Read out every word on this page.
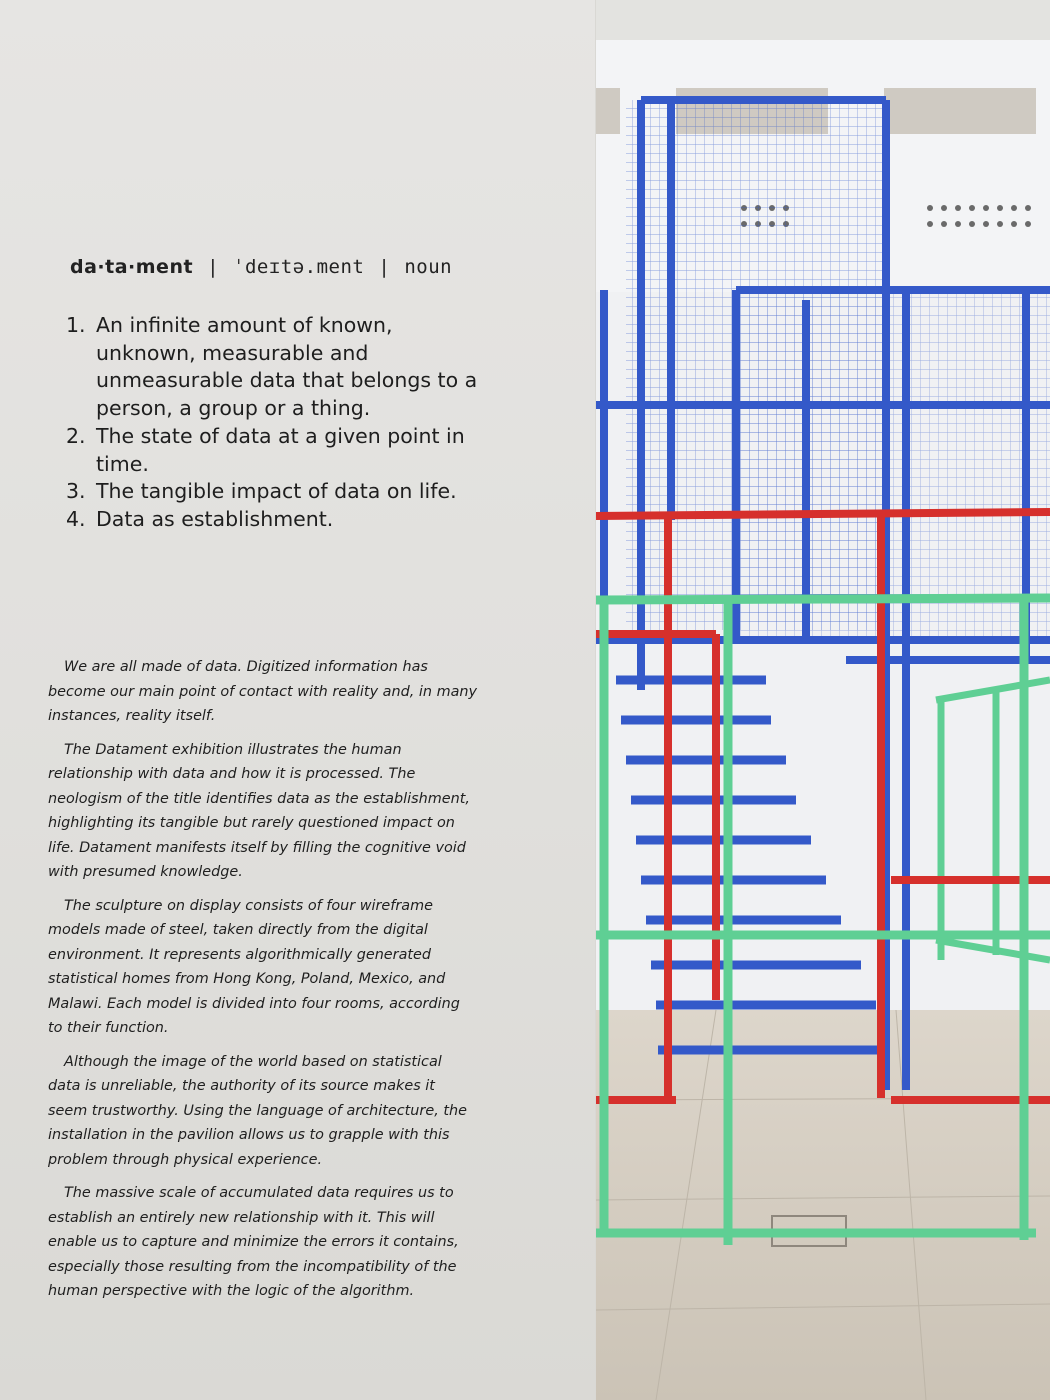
da·ta·ment | ˈdeɪtə.ment | noun
1. An infinite amount of known, unknown, measurable and unmeasurable data that belongs to a person, a group or a thing.
2. The state of data at a given point in time.
3. The tangible impact of data on life.
4. Data as establishment.

We are all made of data. Digitized information has become our main point of contact with reality and, in many instances, reality itself.

The Datament exhibition illustrates the human relationship with data and how it is processed. The neologism of the title identifies data as the establishment, highlighting its tangible but rarely questioned impact on life. Datament manifests itself by filling the cognitive void with presumed knowledge.

The sculpture on display consists of four wireframe models made of steel, taken directly from the digital environment. It represents algorithmically generated statistical homes from Hong Kong, Poland, Mexico, and Malawi. Each model is divided into four rooms, according to their function.

Although the image of the world based on statistical data is unreliable, the authority of its source makes it seem trustworthy. Using the language of architecture, the installation in the pavilion allows us to grapple with this problem through physical experience.

The massive scale of accumulated data requires us to establish an entirely new relationship with it. This will enable us to capture and minimize the errors it contains, especially those resulting from the incompatibility of the human perspective with the logic of the algorithm.
